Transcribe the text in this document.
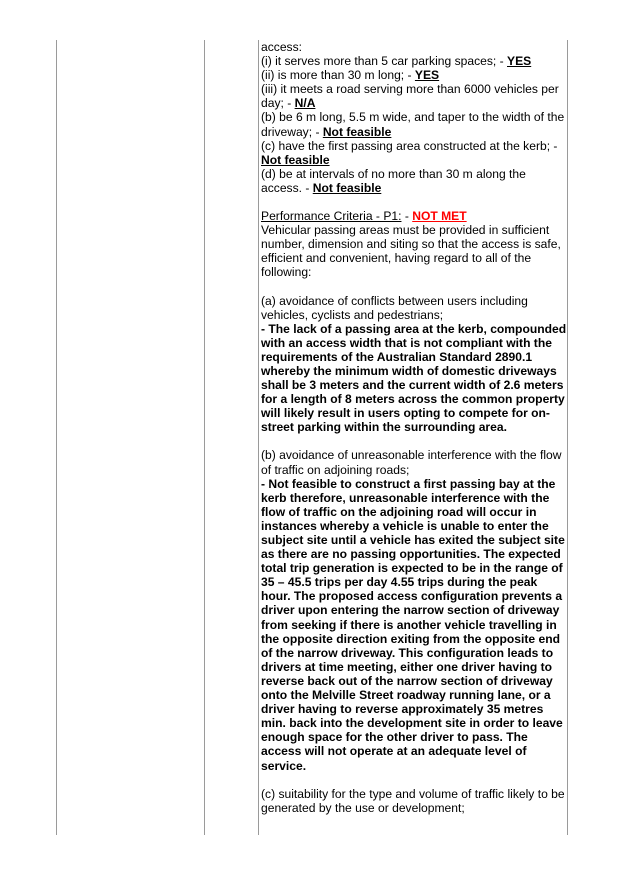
access:

(i) it serves more than 5 car parking spaces; - YES

(ii) is more than 30 m long; - YES

(iii) it meets a road serving more than 6000 vehicles per day; - N/A

(b) be 6 m long, 5.5 m wide, and taper to the width of the driveway; - Not feasible

(c) have the first passing area constructed at the kerb; - Not feasible

(d) be at intervals of no more than 30 m along the access. - Not feasible

Performance Criteria - P1: - NOT MET

Vehicular passing areas must be provided in sufficient number, dimension and siting so that the access is safe, efficient and convenient, having regard to all of the following:

(a) avoidance of conflicts between users including vehicles, cyclists and pedestrians;

- The lack of a passing area at the kerb, compounded with an access width that is not compliant with the requirements of the Australian Standard 2890.1 whereby the minimum width of domestic driveways shall be 3 meters and the current width of 2.6 meters for a length of 8 meters across the common property will likely result in users opting to compete for on-street parking within the surrounding area.

(b) avoidance of unreasonable interference with the flow of traffic on adjoining roads;

- Not feasible to construct a first passing bay at the kerb therefore, unreasonable interference with the flow of traffic on the adjoining road will occur in instances whereby a vehicle is unable to enter the subject site until a vehicle has exited the subject site as there are no passing opportunities. The expected total trip generation is expected to be in the range of 35 – 45.5 trips per day 4.55 trips during the peak hour. The proposed access configuration prevents a driver upon entering the narrow section of driveway from seeking if there is another vehicle travelling in the opposite direction exiting from the opposite end of the narrow driveway. This configuration leads to drivers at time meeting, either one driver having to reverse back out of the narrow section of driveway onto the Melville Street roadway running lane, or a driver having to reverse approximately 35 metres min. back into the development site in order to leave enough space for the other driver to pass. The access will not operate at an adequate level of service.

(c) suitability for the type and volume of traffic likely to be generated by the use or development;
